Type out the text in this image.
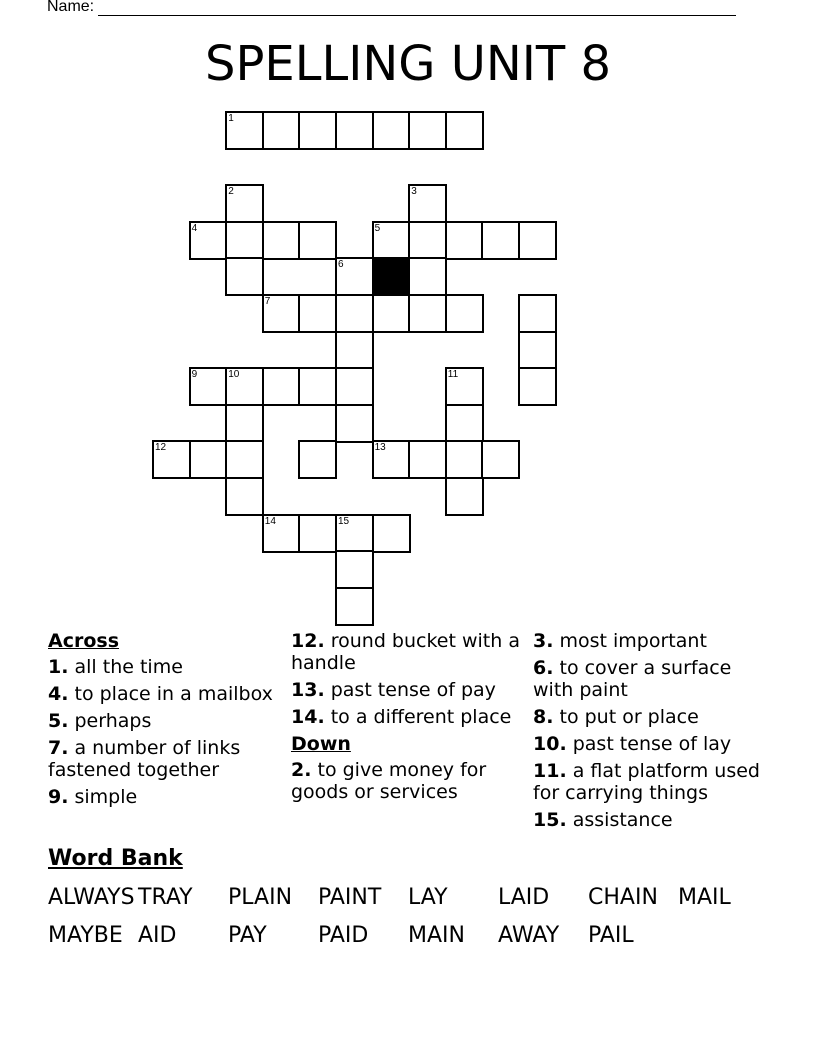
Name:
SPELLING UNIT 8
1
2	3
4	5
6
7
9	10	11
12	13
14	15
Across
1. all the time
4. to place in a mailbox
5. perhaps
7. a number of links fastened together
9. simple
12. round bucket with a handle
13. past tense of pay
14. to a different place
Down
2. to give money for goods or services
3. most important
6. to cover a surface with paint
8. to put or place
10. past tense of lay
11. a flat platform used for carrying things
15. assistance
Word Bank
ALWAYS TRAY PLAIN PAINT LAY LAID CHAIN MAIL
MAYBE AID PAY PAID MAIN AWAY PAIL
